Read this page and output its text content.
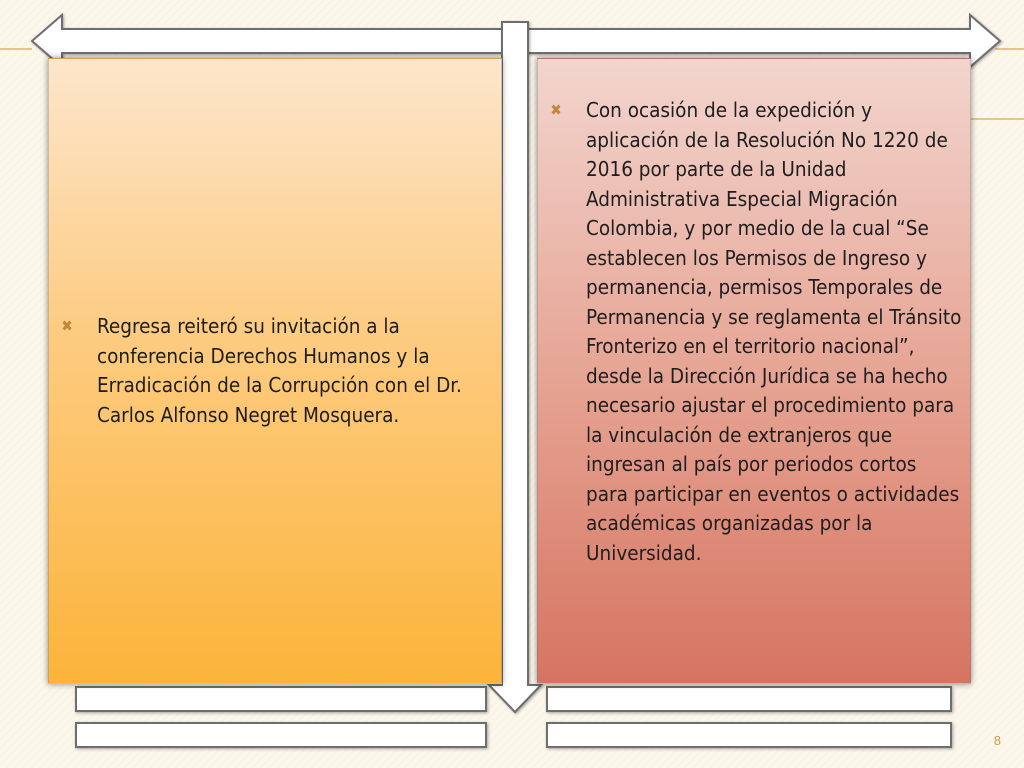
✖ Regresa reiteró su invitación a la conferencia Derechos Humanos y la Erradicación de la Corrupción con el Dr. Carlos Alfonso Negret Mosquera.
✖ Con ocasión de la expedición y aplicación de la Resolución No 1220 de 2016 por parte de la Unidad Administrativa Especial Migración Colombia, y por medio de la cual “Se establecen los Permisos de Ingreso y permanencia, permisos Temporales de Permanencia y se reglamenta el Tránsito Fronterizo en el territorio nacional”, desde la Dirección Jurídica se ha hecho necesario ajustar el procedimiento para la vinculación de extranjeros que ingresan al país por periodos cortos para participar en eventos o actividades académicas organizadas por la Universidad.
8
